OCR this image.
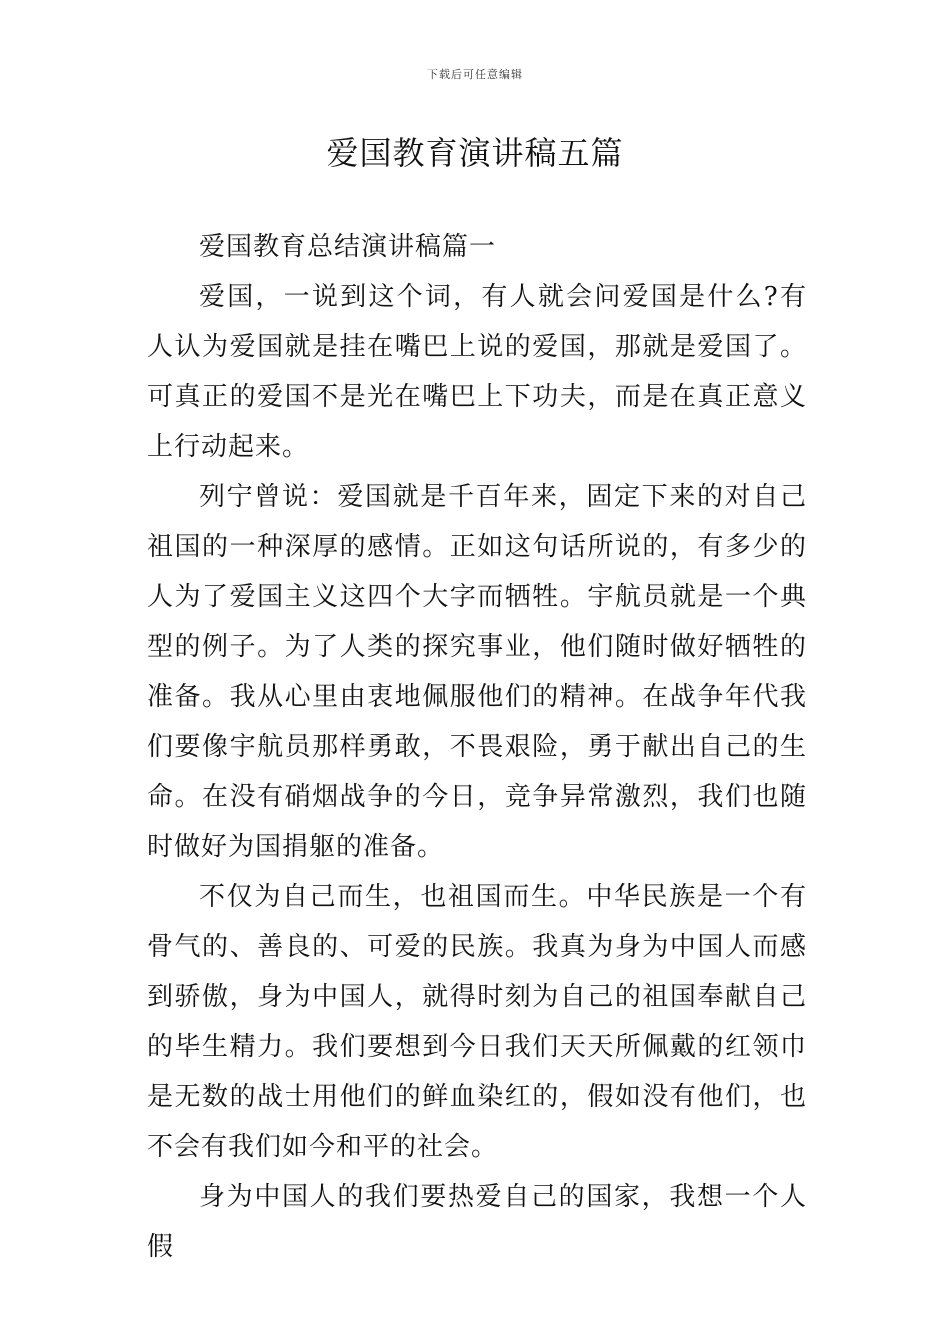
下载后可任意编辑
爱国教育演讲稿五篇

爱国教育总结演讲稿篇一

爱国，一说到这个词，有人就会问爱国是什么?有人认为爱国就是挂在嘴巴上说的爱国，那就是爱国了。可真正的爱国不是光在嘴巴上下功夫，而是在真正意义上行动起来。

列宁曾说：爱国就是千百年来，固定下来的对自己祖国的一种深厚的感情。正如这句话所说的，有多少的人为了爱国主义这四个大字而牺牲。宇航员就是一个典型的例子。为了人类的探究事业，他们随时做好牺牲的准备。我从心里由衷地佩服他们的精神。在战争年代我们要像宇航员那样勇敢，不畏艰险，勇于献出自己的生命。在没有硝烟战争的今日，竞争异常激烈，我们也随时做好为国捐躯的准备。

不仅为自己而生，也祖国而生。中华民族是一个有骨气的、善良的、可爱的民族。我真为身为中国人而感到骄傲，身为中国人，就得时刻为自己的祖国奉献自己的毕生精力。我们要想到今日我们天天所佩戴的红领巾是无数的战士用他们的鲜血染红的，假如没有他们，也不会有我们如今和平的社会。

身为中国人的我们要热爱自己的国家，我想一个人假
